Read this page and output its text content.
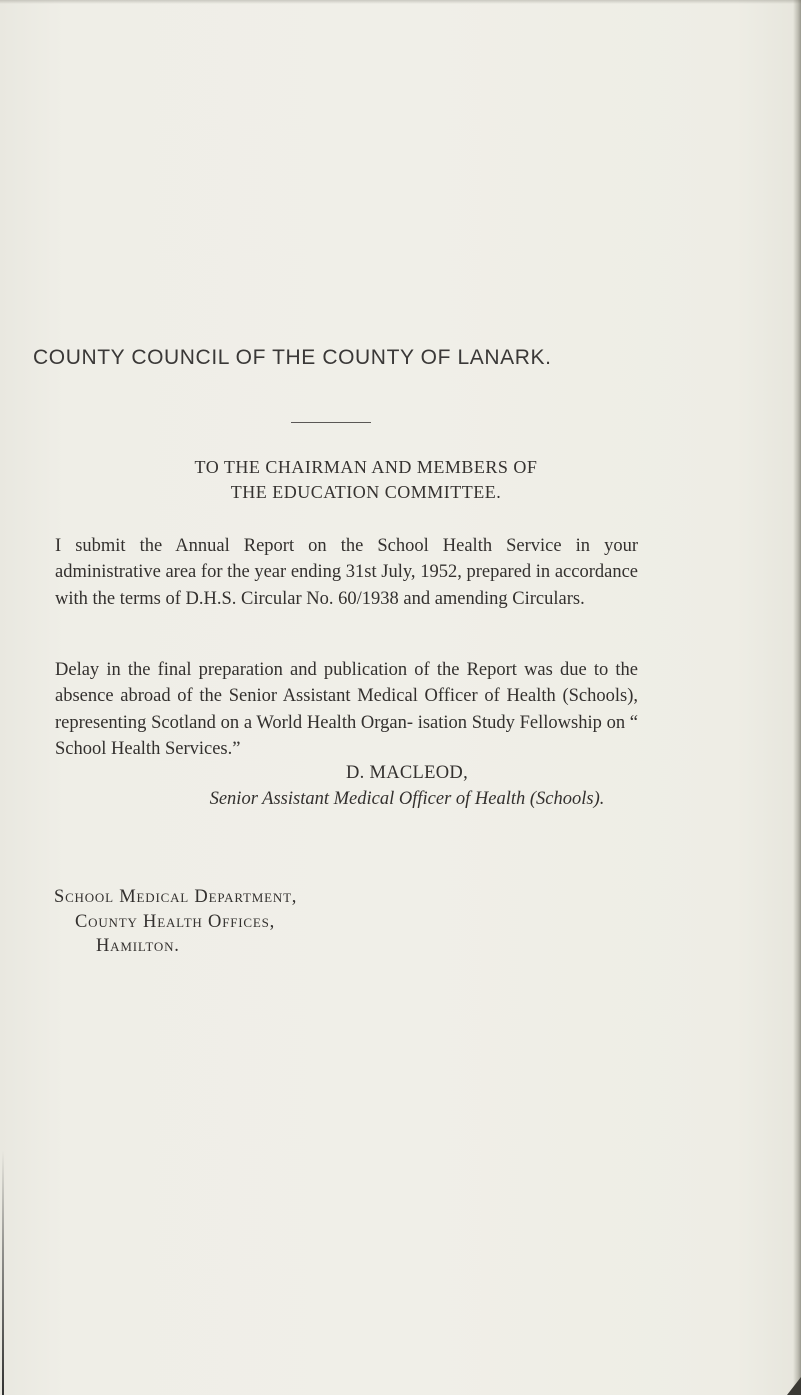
COUNTY COUNCIL OF THE COUNTY OF LANARK.
TO THE CHAIRMAN AND MEMBERS OF
THE EDUCATION COMMITTEE.
I submit the Annual Report on the School Health Service in your administrative area for the year ending 31st July, 1952, prepared in accordance with the terms of D.H.S. Circular No. 60/1938 and amending Circulars.
Delay in the final preparation and publication of the Report was due to the absence abroad of the Senior Assistant Medical Officer of Health (Schools), representing Scotland on a World Health Organ- isation Study Fellowship on “ School Health Services.”
D. MACLEOD,
Senior Assistant Medical Officer of Health (Schools).
School Medical Department,
County Health Offices,
Hamilton.
